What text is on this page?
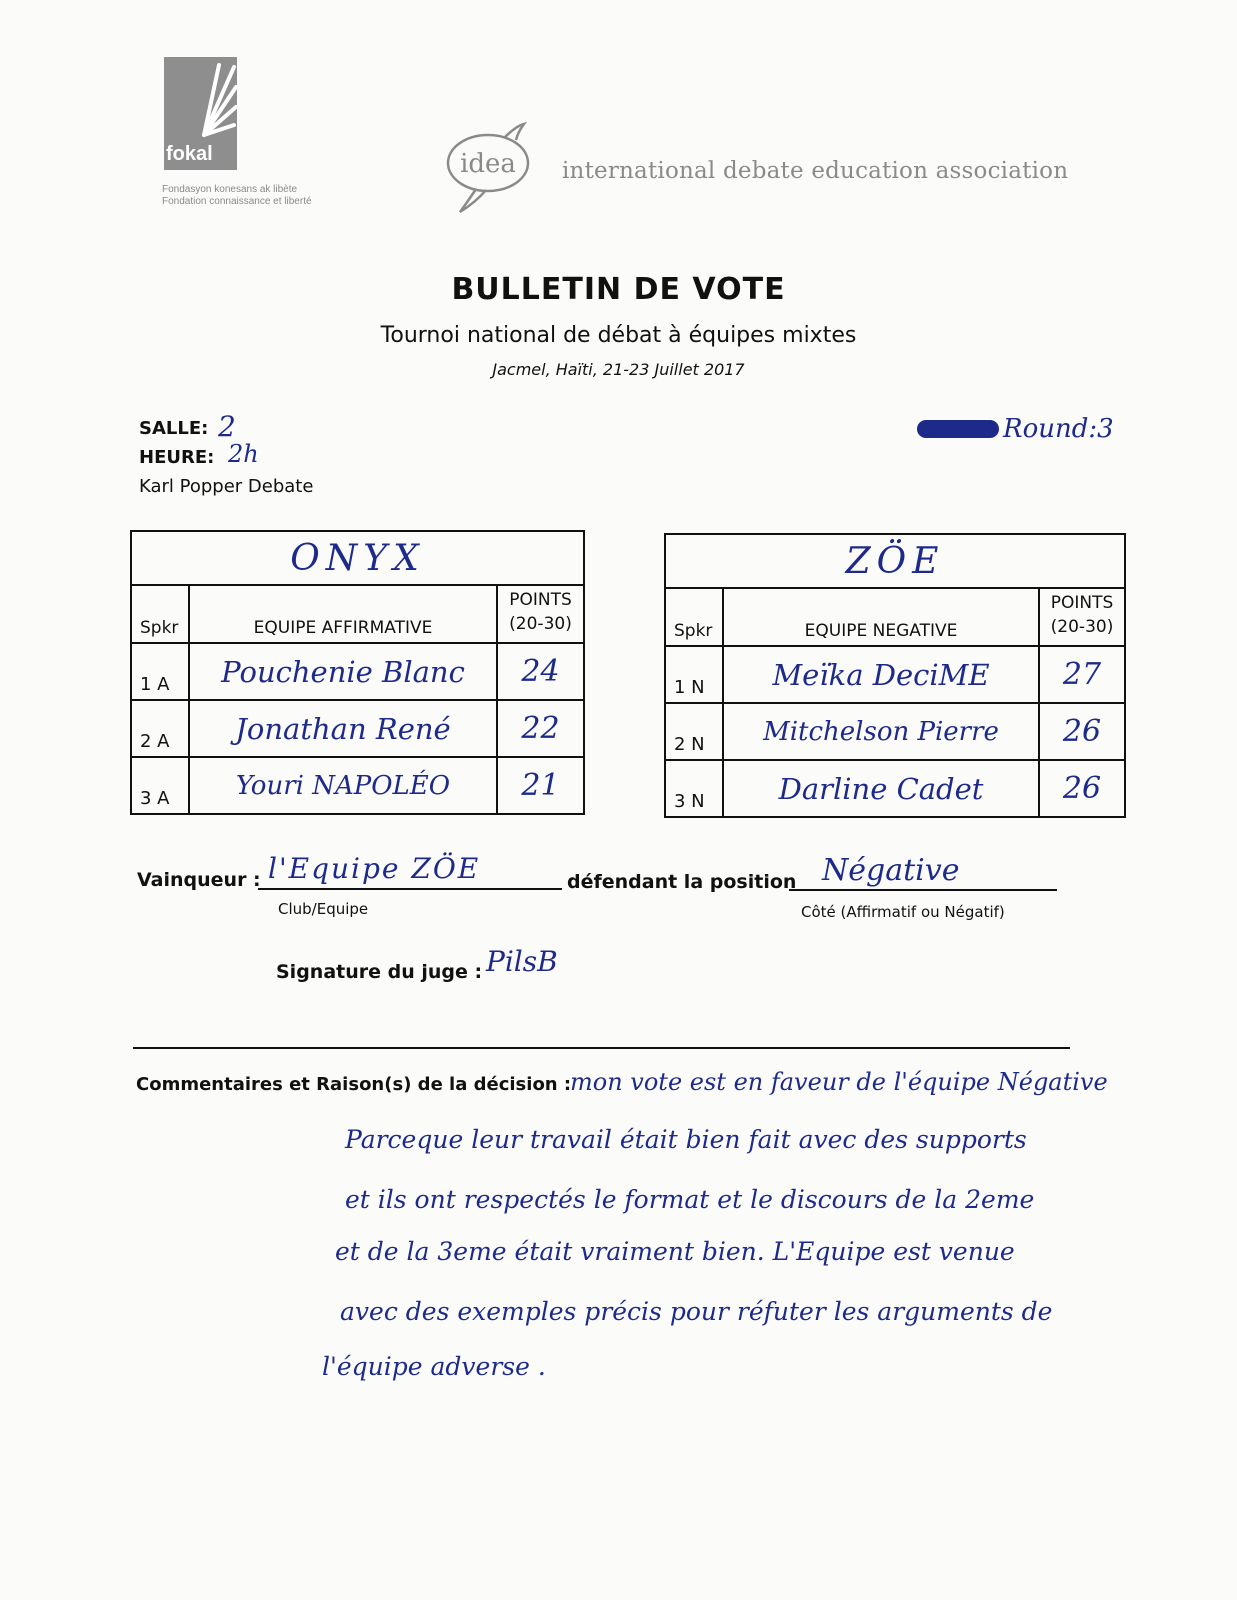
fokal
Fondasyon konesans ak libète
Fondation connaissance et liberté
idea international debate education association
BULLETIN DE VOTE
Tournoi national de débat à équipes mixtes
Jacmel, Haïti, 21-23 Juillet 2017
SALLE: 2
HEURE: 2h
Karl Popper Debate
Round:3
ONYX		
Spkr	EQUIPE AFFIRMATIVE	POINTS
(20-30)

1 A	Pouchenie Blanc	24
2 A	Jonathan René	22
3 A	Youri NAPOLÉO	21
ZÖE		
Spkr	EQUIPE NEGATIVE	POINTS
(20-30)

1 N	Meïka DeciME	27
2 N	Mitchelson Pierre	26
3 N	Darline Cadet	26
Vainqueur : l'Equipe ZÖE
Club/Equipe
défendant la position Négative
Côté (Affirmatif ou Négatif)
Signature du juge : PilsB
Commentaires et Raison(s) de la décision :
mon vote est en faveur de l'équipe Négative
Parceque leur travail était bien fait avec des supports
et ils ont respectés le format et le discours de la 2eme
et de la 3eme était vraiment bien. L'Equipe est venue
avec des exemples précis pour réfuter les arguments de
l'équipe adverse .
